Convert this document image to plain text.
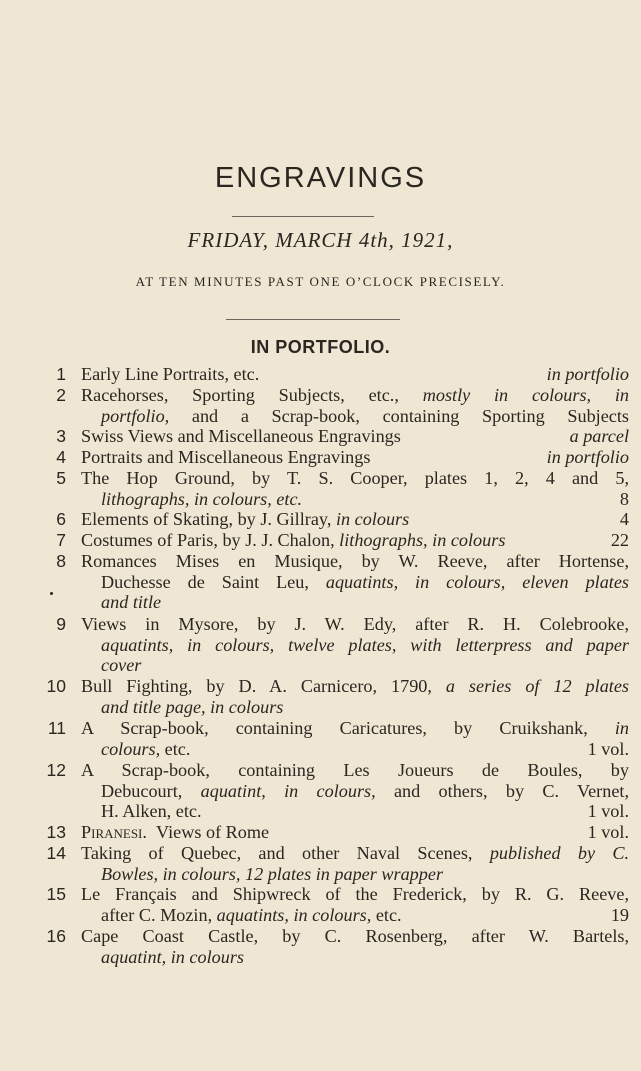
ENGRAVINGS
FRIDAY, MARCH 4th, 1921,
AT TEN MINUTES PAST ONE O’CLOCK PRECISELY.
IN PORTFOLIO.
1 Early Line Portraits, etc.	in portfolio
2 Racehorses, Sporting Subjects, etc., mostly in colours, in
portfolio, and a Scrap-book, containing Sporting Subjects
3 Swiss Views and Miscellaneous Engravings	a parcel
4 Portraits and Miscellaneous Engravings	in portfolio
5 The Hop Ground, by T. S. Cooper, plates 1, 2, 4 and 5,
lithographs, in colours, etc.	8
6 Elements of Skating, by J. Gillray, in colours	4
7 Costumes of Paris, by J. J. Chalon, lithographs, in colours	22
8 Romances Mises en Musique, by W. Reeve, after Hortense,
Duchesse de Saint Leu, aquatints, in colours, eleven plates
and title
9 Views in Mysore, by J. W. Edy, after R. H. Colebrooke,
aquatints, in colours, twelve plates, with letterpress and paper
cover
10 Bull Fighting, by D. A. Carnicero, 1790, a series of 12 plates
and title page, in colours
11 A Scrap-book, containing Caricatures, by Cruikshank, in
colours, etc.	1 vol.
12 A Scrap-book, containing Les Joueurs de Boules, by
Debucourt, aquatint, in colours, and others, by C. Vernet,
H. Alken, etc.	1 vol.
13 Piranesi. Views of Rome	1 vol.
14 Taking of Quebec, and other Naval Scenes, published by C.
Bowles, in colours, 12 plates in paper wrapper
15 Le Français and Shipwreck of the Frederick, by R. G. Reeve,
after C. Mozin, aquatints, in colours, etc.	19
16 Cape Coast Castle, by C. Rosenberg, after W. Bartels,
aquatint, in colours
